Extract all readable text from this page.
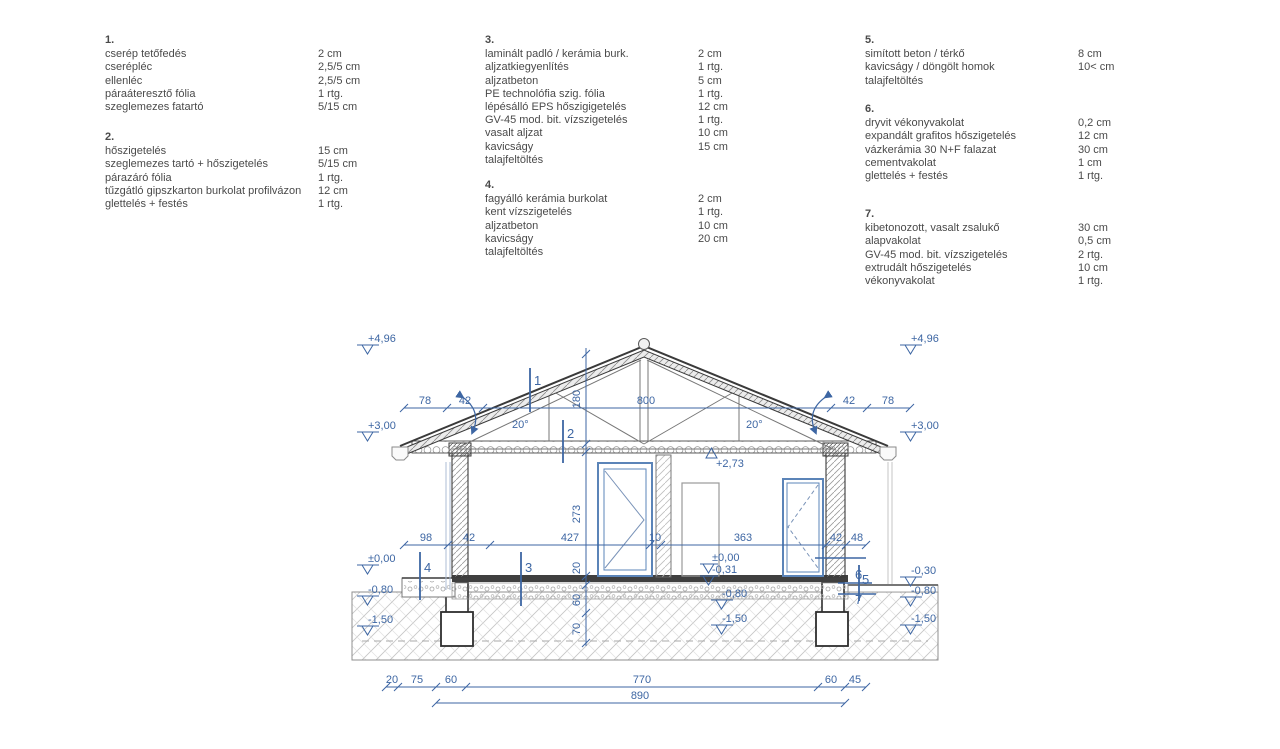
1.
cserép tetőfedés	2 cm
cserépléc	2,5/5 cm
ellenléc	2,5/5 cm
páraáteresztő fólia	1 rtg.
szeglemezes fatartó	5/15 cm
2.
hőszigetelés	15 cm
szeglemezes tartó + hőszigetelés	5/15 cm
párazáró fólia	1 rtg.
tűzgátló gipszkarton burkolat profilvázon	12 cm
glettelés + festés	1 rtg.
3.
laminált padló / kerámia burk.	2 cm
aljzatkiegyenlítés	1 rtg.
aljzatbeton	5 cm
PE technolófia szig. fólia	1 rtg.
lépésálló EPS hőszigigetelés	12 cm
GV-45 mod. bit. vízszigetelés	1 rtg.
vasalt aljzat	10 cm
kavicságy	15 cm
talajfeltöltés
4.
fagyálló kerámia burkolat	2 cm
kent vízszigetelés	1 rtg.
aljzatbeton	10 cm
kavicságy	20 cm
talajfeltöltés
5.
simított beton / térkő	8 cm
kavicságy / döngölt homok	10< cm
talajfeltöltés
6.
dryvit vékonyvakolat	0,2 cm
expandált grafitos hőszigetelés	12 cm
vázkerámia 30 N+F falazat	30 cm
cementvakolat	1 cm
glettelés + festés	1 rtg.
7.
kibetonozott, vasalt zsalukő	30 cm
alapvakolat	0,5 cm
GV-45 mod. bit. vízszigetelés	2 rtg.
extrudált hőszigetelés	10 cm
vékonyvakolat	1 rtg.
78	42	800	42 78
98	42	427	10	363	42 48
20 75 60	770	60 45
890
180
273
20
60
70
20°	20°
+4,96
+3,00
±0,00
-0,80
-1,50
+4,96
+3,00
-0,30
-0,80
-1,50
+2,73
±0,00
-0,31
-0,80
-1,50
1
2
3
4
5
6
7
